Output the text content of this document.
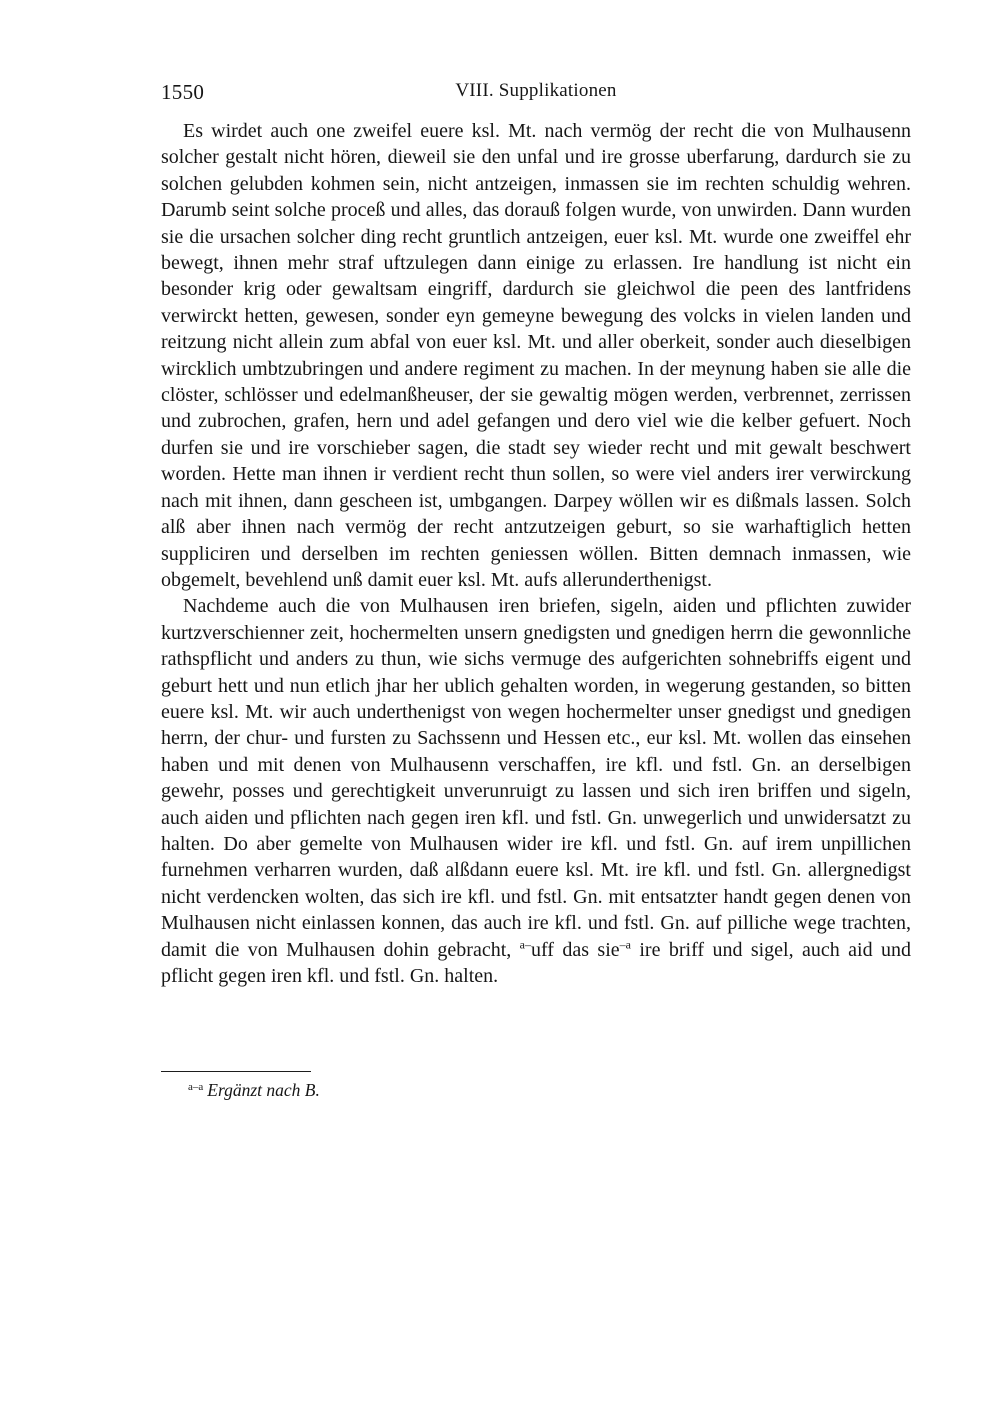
1550	VIII. Supplikationen

Es wirdet auch one zweifel euere ksl. Mt. nach vermög der recht die von Mulhausenn solcher gestalt nicht hören, dieweil sie den unfal und ire grosse uberfarung, dardurch sie zu solchen gelubden kohmen sein, nicht antzeigen, inmassen sie im rechten schuldig wehren. Darumb seint solche proceß und alles, das dorauß folgen wurde, von unwirden. Dann wurden sie die ursachen solcher ding recht gruntlich antzeigen, euer ksl. Mt. wurde one zweiffel ehr bewegt, ihnen mehr straf uftzulegen dann einige zu erlassen. Ire handlung ist nicht ein besonder krig oder gewaltsam eingriff, dardurch sie gleichwol die peen des lantfridens verwirckt hetten, gewesen, sonder eyn gemeyne bewegung des volcks in vielen landen und reitzung nicht allein zum abfal von euer ksl. Mt. und aller oberkeit, sonder auch dieselbigen wircklich umbtzubringen und andere regiment zu machen. In der meynung haben sie alle die clöster, schlösser und edelmanßheuser, der sie gewaltig mögen werden, verbrennet, zerrissen und zubrochen, grafen, hern und adel gefangen und dero viel wie die kelber gefuert. Noch durfen sie und ire vorschieber sagen, die stadt sey wieder recht und mit gewalt beschwert worden. Hette man ihnen ir verdient recht thun sollen, so were viel anders irer verwirckung nach mit ihnen, dann gescheen ist, umbgangen. Darpey wöllen wir es dißmals lassen. Solch alß aber ihnen nach vermög der recht antzutzeigen geburt, so sie warhaftiglich hetten suppliciren und derselben im rechten geniessen wöllen. Bitten demnach inmassen, wie obgemelt, bevehlend unß damit euer ksl. Mt. aufs allerunderthenigst.

Nachdeme auch die von Mulhausen iren briefen, sigeln, aiden und pflichten zuwider kurtzverschienner zeit, hochermelten unsern gnedigsten und gnedigen herrn die gewonnliche rathspflicht und anders zu thun, wie sichs vermuge des aufgerichten sohnebriffs eigent und geburt hett und nun etlich jhar her ublich gehalten worden, in wegerung gestanden, so bitten euere ksl. Mt. wir auch underthenigst von wegen hochermelter unser gnedigst und gnedigen herrn, der chur- und fursten zu Sachssenn und Hessen etc., eur ksl. Mt. wollen das einsehen haben und mit denen von Mulhausenn verschaffen, ire kfl. und fstl. Gn. an derselbigen gewehr, posses und gerechtigkeit unverunruigt zu lassen und sich iren briffen und sigeln, auch aiden und pflichten nach gegen iren kfl. und fstl. Gn. unwegerlich und unwidersatzt zu halten. Do aber gemelte von Mulhausen wider ire kfl. und fstl. Gn. auf irem unpillichen furnehmen verharren wurden, daß alßdann euere ksl. Mt. ire kfl. und fstl. Gn. allergnedigst nicht verdencken wolten, das sich ire kfl. und fstl. Gn. mit entsatzter handt gegen denen von Mulhausen nicht einlassen konnen, das auch ire kfl. und fstl. Gn. auf pilliche wege trachten, damit die von Mulhausen dohin gebracht, $^{a-}$uff das sie$^{-a}$ ire briff und sigel, auch aid und pflicht gegen iren kfl. und fstl. Gn. halten.

$^{a-a}$ Ergänzt nach B.
